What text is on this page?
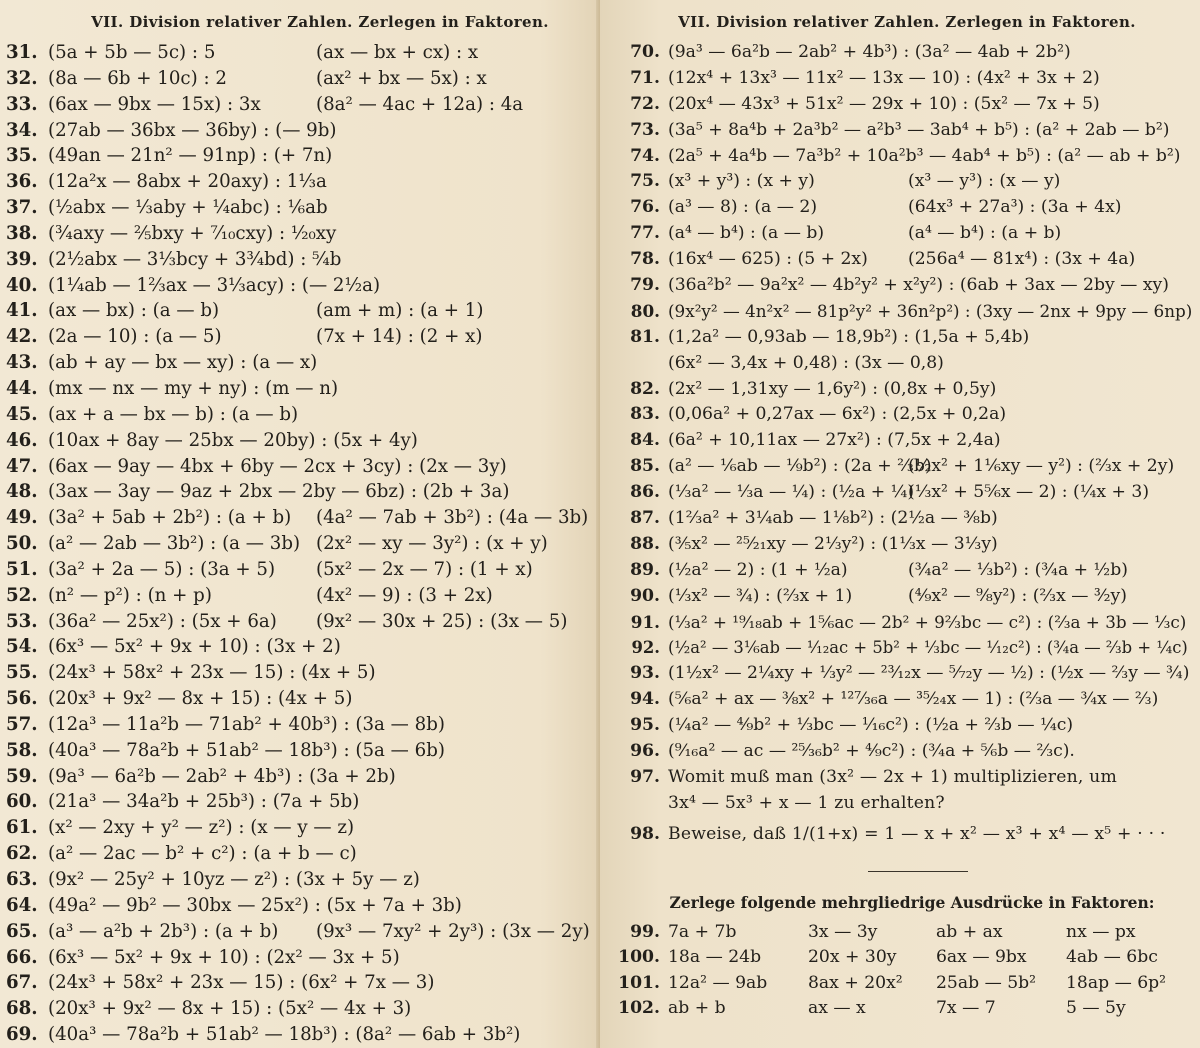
VII. Division relativer Zahlen. Zerlegen in Faktoren.
31. (5a + 5b — 5c) : 5	(ax — bx + cx) : x
32. (8a — 6b + 10c) : 2	(ax² + bx — 5x) : x
33. (6ax — 9bx — 15x) : 3x	(8a² — 4ac + 12a) : 4a
34. (27ab — 36bx — 36by) : (— 9b)
35. (49an — 21n² — 91np) : (+ 7n)
36. (12a²x — 8abx + 20axy) : 1⅓a
37. (½abx — ⅓aby + ¼abc) : ⅙ab
38. (¾axy — ⅖bxy + ⁷⁄₁₀cxy) : ¹⁄₂₀xy
39. (2½abx — 3⅓bcy + 3¾bd) : ⁵⁄₄b
40. (1¼ab — 1⅔ax — 3⅓acy) : (— 2½a)
41. (ax — bx) : (a — b)	(am + m) : (a + 1)
42. (2a — 10) : (a — 5)	(7x + 14) : (2 + x)
43. (ab + ay — bx — xy) : (a — x)
44. (mx — nx — my + ny) : (m — n)
45. (ax + a — bx — b) : (a — b)
46. (10ax + 8ay — 25bx — 20by) : (5x + 4y)
47. (6ax — 9ay — 4bx + 6by — 2cx + 3cy) : (2x — 3y)
48. (3ax — 3ay — 9az + 2bx — 2by — 6bz) : (2b + 3a)
49. (3a² + 5ab + 2b²) : (a + b)	(4a² — 7ab + 3b²) : (4a — 3b)
50. (a² — 2ab — 3b²) : (a — 3b) (2x² — xy — 3y²) : (x + y)
51. (3a² + 2a — 5) : (3a + 5)	(5x² — 2x — 7) : (1 + x)
52. (n² — p²) : (n + p)	(4x² — 9) : (3 + 2x)
53. (36a² — 25x²) : (5x + 6a)	(9x² — 30x + 25) : (3x — 5)
54. (6x³ — 5x² + 9x + 10) : (3x + 2)
55. (24x³ + 58x² + 23x — 15) : (4x + 5)
56. (20x³ + 9x² — 8x + 15) : (4x + 5)
57. (12a³ — 11a²b — 71ab² + 40b³) : (3a — 8b)
58. (40a³ — 78a²b + 51ab² — 18b³) : (5a — 6b)
59. (9a³ — 6a²b — 2ab² + 4b³) : (3a + 2b)
60. (21a³ — 34a²b + 25b³) : (7a + 5b)
61. (x² — 2xy + y² — z²) : (x — y — z)
62. (a² — 2ac — b² + c²) : (a + b — c)
63. (9x² — 25y² + 10yz — z²) : (3x + 5y — z)
64. (49a² — 9b² — 30bx — 25x²) : (5x + 7a + 3b)
65. (a³ — a²b + 2b³) : (a + b)	(9x³ — 7xy² + 2y³) : (3x — 2y)
66. (6x³ — 5x² + 9x + 10) : (2x² — 3x + 5)
67. (24x³ + 58x² + 23x — 15) : (6x² + 7x — 3)
68. (20x³ + 9x² — 8x + 15) : (5x² — 4x + 3)
69. (40a³ — 78a²b + 51ab² — 18b³) : (8a² — 6ab + 3b²)
VII. Division relativer Zahlen. Zerlegen in Faktoren.
70. (9a³ — 6a²b — 2ab² + 4b³) : (3a² — 4ab + 2b²)
71. (12x⁴ + 13x³ — 11x² — 13x — 10) : (4x² + 3x + 2)
72. (20x⁴ — 43x³ + 51x² — 29x + 10) : (5x² — 7x + 5)
73. (3a⁵ + 8a⁴b + 2a³b² — a²b³ — 3ab⁴ + b⁵) : (a² + 2ab — b²)
74. (2a⁵ + 4a⁴b — 7a³b² + 10a²b³ — 4ab⁴ + b⁵) : (a² — ab + b²)
75. (x³ + y³) : (x + y)	(x³ — y³) : (x — y)
76. (a³ — 8) : (a — 2)	(64x³ + 27a³) : (3a + 4x)
77. (a⁴ — b⁴) : (a — b)	(a⁴ — b⁴) : (a + b)
78. (16x⁴ — 625) : (5 + 2x)	(256a⁴ — 81x⁴) : (3x + 4a)
79. (36a²b² — 9a²x² — 4b²y² + x²y²) : (6ab + 3ax — 2by — xy)
80. (9x²y² — 4n²x² — 81p²y² + 36n²p²) : (3xy — 2nx + 9py — 6np)
81. (1,2a² — 0,93ab — 18,9b²) : (1,5a + 5,4b)
(6x² — 3,4x + 0,48) : (3x — 0,8)
82. (2x² — 1,31xy — 1,6y²) : (0,8x + 0,5y)
83. (0,06a² + 0,27ax — 6x²) : (2,5x + 0,2a)
84. (6a² + 10,11ax — 27x²) : (7,5x + 2,4a)
85. (a² — ⅙ab — ⅑b²) : (2a + ⅔b)
(½x² + 1⅙xy — y²) : (⅔x + 2y)
86. (⅓a² — ⅓a — ¼) : (½a + ¼)
(⅓x² + 5⅚x — 2) : (¼x + 3)
87. (1⅔a² + 3¼ab — 1⅛b²) : (2½a — ⅜b)
88. (⅗x² — ²⁵⁄₂₁xy — 2⅓y²) : (1⅓x — 3⅓y)
89. (½a² — 2) : (1 + ½a)	(¾a² — ⅓b²) : (¾a + ½b)
90. (⅓x² — ¾) : (⅔x + 1)	(⁴⁄₉x² — ⁹⁄₈y²) : (⅔x — ³⁄₂y)
91. (⅓a² + ¹⁹⁄₁₈ab + 1⅚ac — 2b² + 9⅔bc — c²) : (⅔a + 3b — ⅓c)
92. (½a² — 3⅙ab — ¹⁄₁₂ac + 5b² + ⅓bc — ¹⁄₁₂c²) : (¾a — ⅔b + ¼c)
93. (1½x² — 2¼xy + ⅓y² — ²³⁄₁₂x — ⁵⁄₇₂y — ½) : (½x — ⅔y — ¾)
94. (⅚a² + ax — ⅜x² + ¹²⁷⁄₃₆a — ³⁵⁄₂₄x — 1) : (⅔a — ¾x — ⅔)
95. (¼a² — ⁴⁄₉b² + ⅓bc — ¹⁄₁₆c²) : (½a + ⅔b — ¼c)
96. (⁹⁄₁₆a² — ac — ²⁵⁄₃₆b² + ⁴⁄₉c²) : (¾a + ⅚b — ⅔c).
97. Womit muß man (3x² — 2x + 1) multiplizieren, um
3x⁴ — 5x³ + x — 1 zu erhalten?
98. Beweise, daß 1/(1+x) = 1 — x + x² — x³ + x⁴ — x⁵ + · · ·
Zerlege folgende mehrgliedrige Ausdrücke in Faktoren:
99. 7a + 7b	3x — 3y	ab + ax	nx — px
100. 18a — 24b	20x + 30y	6ax — 9bx	4ab — 6bc
101. 12a² — 9ab	8ax + 20x²	25ab — 5b²	18ap — 6p²
102. ab + b	ax — x	7x — 7	5 — 5y
